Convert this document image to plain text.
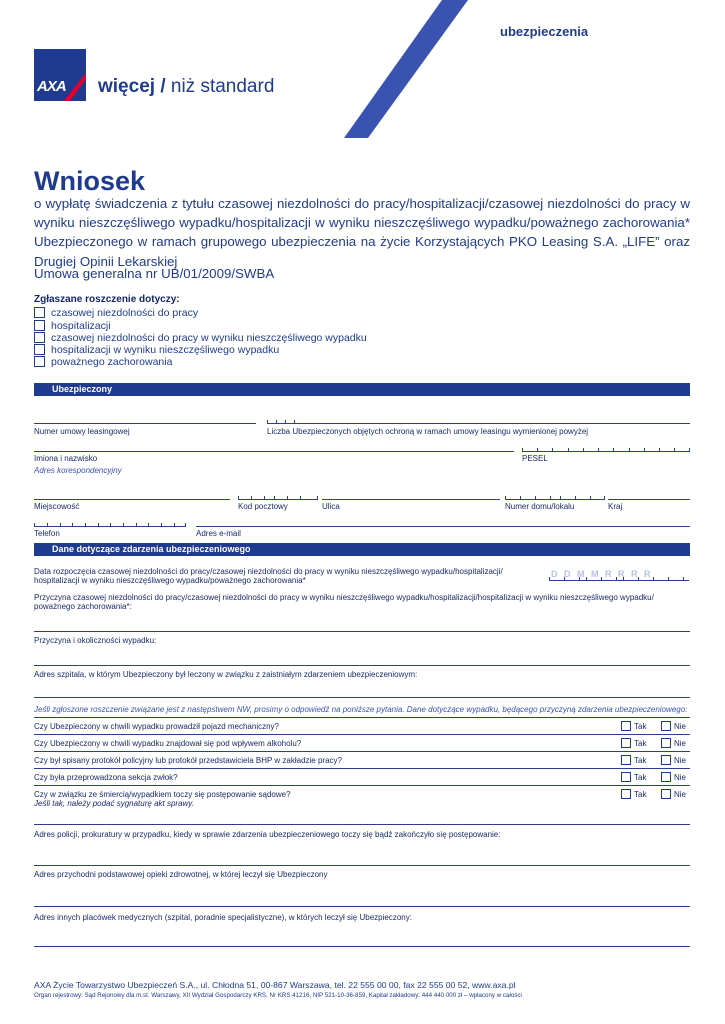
ubezpieczenia
AXA więcej / niż standard
Wniosek
o wypłatę świadczenia z tytułu czasowej niezdolności do pracy/hospitalizacji/czasowej niezdolności do pracy w wyniku nieszczęśliwego wypadku/hospitalizacji w wyniku nieszczęśliwego wypadku/poważnego zachorowania* Ubezpieczonego w ramach grupowego ubezpieczenia na życie Korzystających PKO Leasing S.A. „LIFE” oraz Drugiej Opinii Lekarskiej
Umowa generalna nr UB/01/2009/SWBA
Zgłaszane roszczenie dotyczy:
czasowej niezdolności do pracy
hospitalizacji
czasowej niezdolności do pracy w wyniku nieszczęśliwego wypadku
hospitalizacji w wyniku nieszczęśliwego wypadku
poważnego zachorowania
Ubezpieczony
Numer umowy leasingowej	Liczba Ubezpieczonych objętych ochroną w ramach umowy leasingu wymienionej powyżej
Imiona i nazwisko	PESEL
Adres korespondencyjny
Miejscowość	Kod pocztowy	Ulica	Numer domu/lokalu	Kraj
Telefon	Adres e-mail
Dane dotyczące zdarzenia ubezpieczeniowego
Data rozpoczęcia czasowej niezdolności do pracy/czasowej niezdolności do pracy w wyniku nieszczęśliwego wypadku/hospitalizacji/
hospitalizacji w wyniku nieszczęśliwego wypadku/poważnego zachorowania*
D D M M R R R R
Przyczyna czasowej niezdolności do pracy/czasowej niezdolności do pracy w wyniku nieszczęśliwego wypadku/hospitalizacji/hospitalizacji w wyniku nieszczęśliwego wypadku/
poważnego zachorowania*:
Przyczyna i okoliczności wypadku:
Adres szpitala, w którym Ubezpieczony był leczony w związku z zaistniałym zdarzeniem ubezpieczeniowym:
Jeśli zgłoszone roszczenie związane jest z następstwem NW, prosimy o odpowiedź na poniższe pytania. Dane dotyczące wypadku, będącego przyczyną zdarzenia ubezpieczeniowego:
Czy Ubezpieczony w chwili wypadku prowadził pojazd mechaniczny?	Tak	Nie
Czy Ubezpieczony w chwili wypadku znajdował się pod wpływem alkoholu?	Tak	Nie
Czy był spisany protokół policyjny lub protokół przedstawiciela BHP w zakładzie pracy?	Tak	Nie
Czy była przeprowadzona sekcja zwłok?	Tak	Nie
Czy w związku ze śmiercią/wypadkiem toczy się postępowanie sądowe?
Jeśli tak, należy podać sygnaturę akt sprawy.
Tak	Nie
Adres policji, prokuratury w przypadku, kiedy w sprawie zdarzenia ubezpieczeniowego toczy się bądź zakończyło się postępowanie:
Adres przychodni podstawowej opieki zdrowotnej, w której leczył się Ubezpieczony
Adres innych placówek medycznych (szpital, poradnie specjalistyczne), w których leczył się Ubezpieczony:
AXA Życie Towarzystwo Ubezpieczeń S.A., ul. Chłodna 51, 00-867 Warszawa, tel. 22 555 00 00, fax 22 555 00 52, www.axa.pl
Organ rejestrowy: Sąd Rejonowy dla m.st. Warszawy, XII Wydział Gospodarczy KRS, Nr KRS 41216, NIP 521-10-36-859, Kapitał zakładowy: 444 440 000 zł – wpłacony w całości
